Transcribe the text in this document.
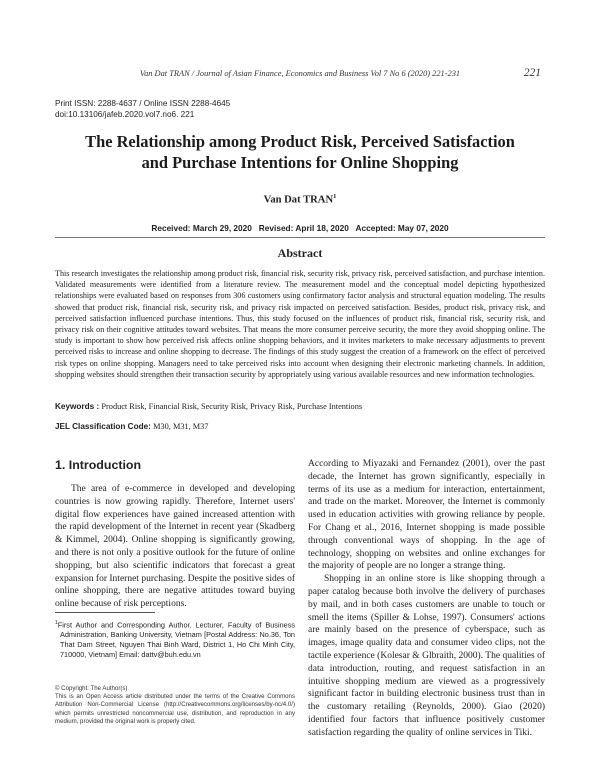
Van Dat TRAN / Journal of Asian Finance, Economics and Business Vol 7 No 6 (2020) 221-231	221
Print ISSN: 2288-4637 / Online ISSN 2288-4645
doi:10.13106/jafeb.2020.vol7.no6. 221
The Relationship among Product Risk, Perceived Satisfaction
and Purchase Intentions for Online Shopping
Van Dat TRAN$^1$
Received: March 29, 2020   Revised: April 18, 2020   Accepted: May 07, 2020
Abstract
This research investigates the relationship among product risk, financial risk, security risk, privacy risk, perceived satisfaction, and purchase intention. Validated measurements were identified from a literature review. The measurement model and the conceptual model depicting hypothesized relationships were evaluated based on responses from 306 customers using confirmatory factor analysis and structural equation modeling. The results showed that product risk, financial risk, security risk, and privacy risk impacted on perceived satisfaction. Besides, product risk, privacy risk, and perceived satisfaction influenced purchase intentions. Thus, this study focused on the influences of product risk, financial risk, security risk, and privacy risk on their cognitive attitudes toward websites. That means the more consumer perceive security, the more they avoid shopping online. The study is important to show how perceived risk affects online shopping behaviors, and it invites marketers to make necessary adjustments to prevent perceived risks to increase and online shopping to decrease. The findings of this study suggest the creation of a framework on the effect of perceived risk types on online shopping. Managers need to take perceived risks into account when designing their electronic marketing channels. In addition, shopping websites should strengthen their transaction security by appropriately using various available resources and new information technologies.
Keywords : Product Risk, Financial Risk, Security Risk, Privacy Risk, Purchase Intentions
JEL Classification Code: M30, M31, M37
1. Introduction

The area of e-commerce in developed and developing countries is now growing rapidly. Therefore, Internet users' digital flow experiences have gained increased attention with the rapid development of the Internet in recent year (Skadberg & Kimmel, 2004). Online shopping is significantly growing, and there is not only a positive outlook for the future of online shopping, but also scientific indicators that forecast a great expansion for Internet purchasing. Despite the positive sides of online shopping, there are negative attitudes toward buying online because of risk perceptions.

According to Miyazaki and Fernandez (2001), over the past decade, the Internet has grown significantly, especially in terms of its use as a medium for interaction, entertainment, and trade on the market. Moreover, the Internet is commonly used in education activities with growing reliance by people. For Chang et al., 2016, Internet shopping is made possible through conventional ways of shopping. In the age of technology, shopping on websites and online exchanges for the majority of people are no longer a strange thing.

Shopping in an online store is like shopping through a paper catalog because both involve the delivery of purchases by mail, and in both cases customers are unable to touch or smell the items (Spiller & Lohse, 1997). Consumers' actions are mainly based on the presence of cyberspace, such as images, image quality data and consumer video clips, not the tactile experience (Kolesar & Glbraith, 2000). The qualities of data introduction, routing, and request satisfaction in an intuitive shopping medium are viewed as a progressively significant factor in building electronic business trust than in the customary retailing (Reynolds, 2000). Giao (2020) identified four factors that influence positively customer satisfaction regarding the quality of online services in Tiki.

$^1$First Author and Corresponding Author. Lecturer, Faculty of Business Administration, Banking University, Vietnam [Postal Address: No.36, Ton That Dam Street, Nguyen Thai Binh Ward, District 1, Ho Chi Minh City, 710000, Vietnam] Email: dattv@buh.edu.vn
© Copyright: The Author(s)
This is an Open Access article distributed under the terms of the Creative Commons Attribution Non-Commercial License (http://Creativecommons.org/licenses/by-nc/4.0/) which permits unrestricted noncommercial use, distribution, and reproduction in any medium, provided the original work is properly cited.
